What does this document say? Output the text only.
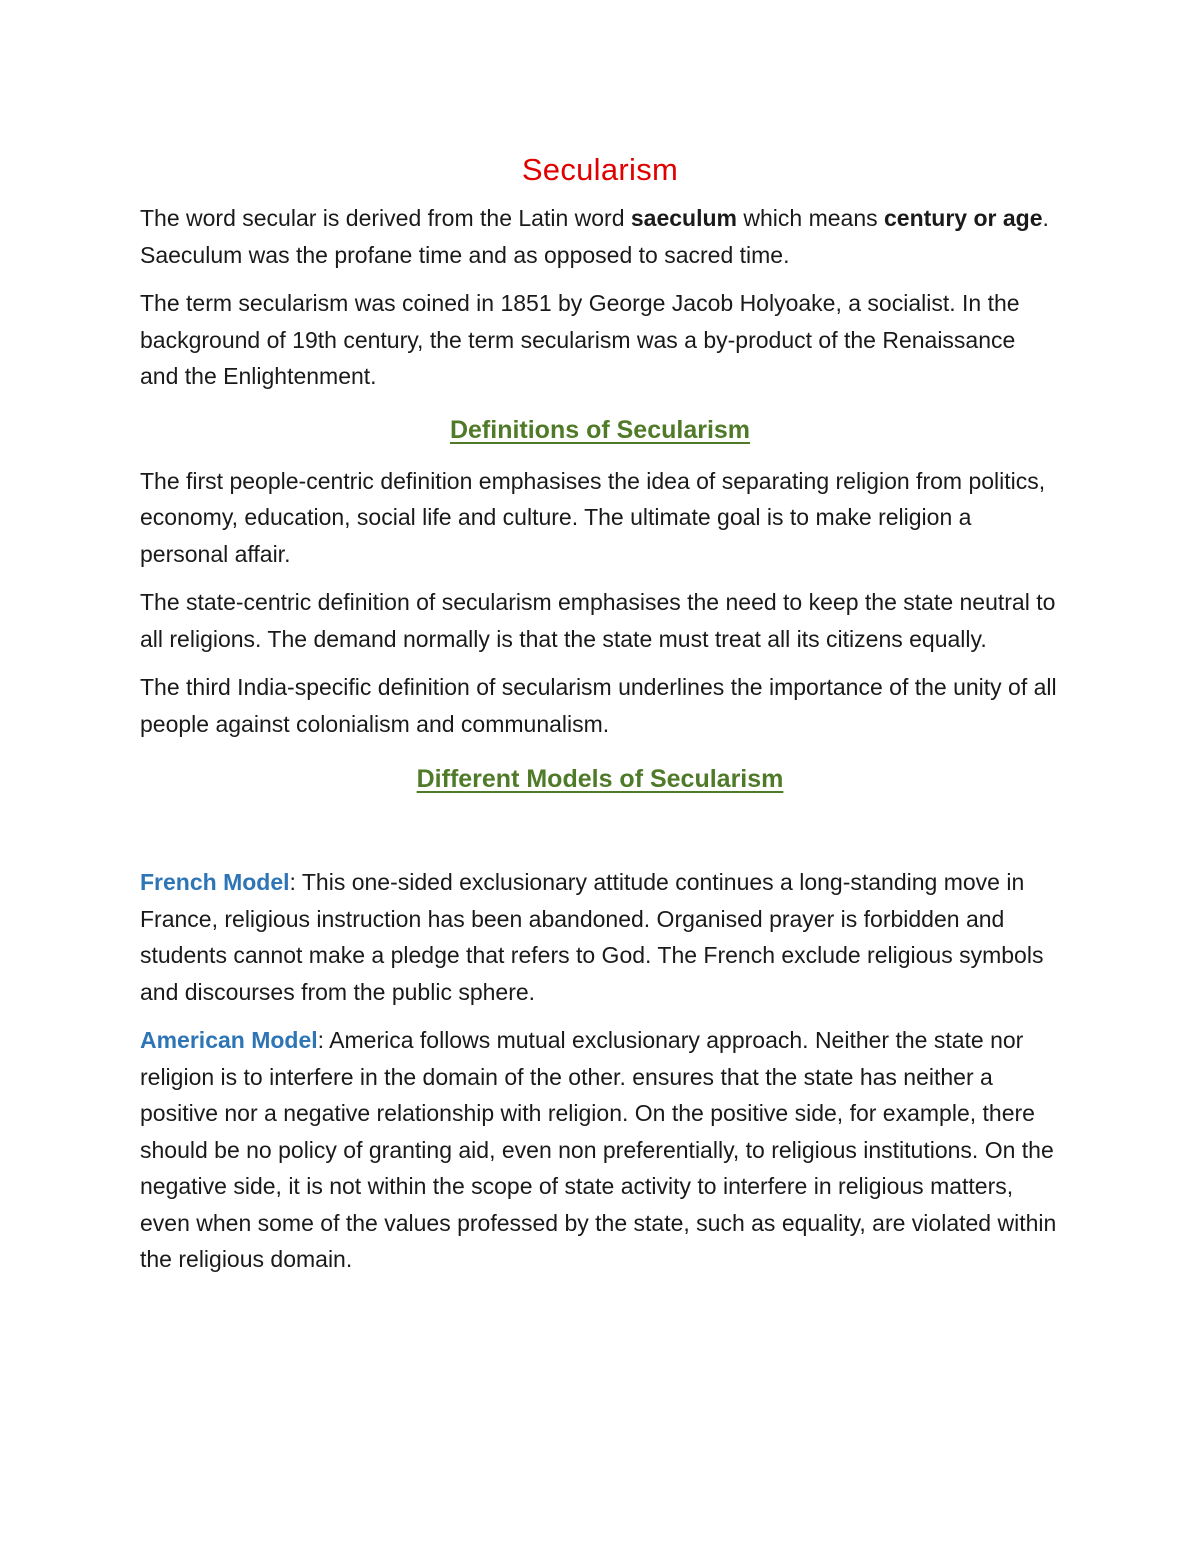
Secularism

The word secular is derived from the Latin word saeculum which means century or age. Saeculum was the profane time and as opposed to sacred time.

The term secularism was coined in 1851 by George Jacob Holyoake, a socialist. In the background of 19th century, the term secularism was a by-product of the Renaissance and the Enlightenment.

Definitions of Secularism

The first people-centric definition emphasises the idea of separating religion from politics, economy, education, social life and culture. The ultimate goal is to make religion a personal affair.

The state-centric definition of secularism emphasises the need to keep the state neutral to all religions. The demand normally is that the state must treat all its citizens equally.

The third India-specific definition of secularism underlines the importance of the unity of all people against colonialism and communalism.

Different Models of Secularism

French Model: This one-sided exclusionary attitude continues a long-standing move in France, religious instruction has been abandoned. Organised prayer is forbidden and students cannot make a pledge that refers to God. The French exclude religious symbols and discourses from the public sphere.

American Model: America follows mutual exclusionary approach. Neither the state nor religion is to interfere in the domain of the other. ensures that the state has neither a positive nor a negative relationship with religion. On the positive side, for example, there should be no policy of granting aid, even non preferentially, to religious institutions. On the negative side, it is not within the scope of state activity to interfere in religious matters, even when some of the values professed by the state, such as equality, are violated within the religious domain.
